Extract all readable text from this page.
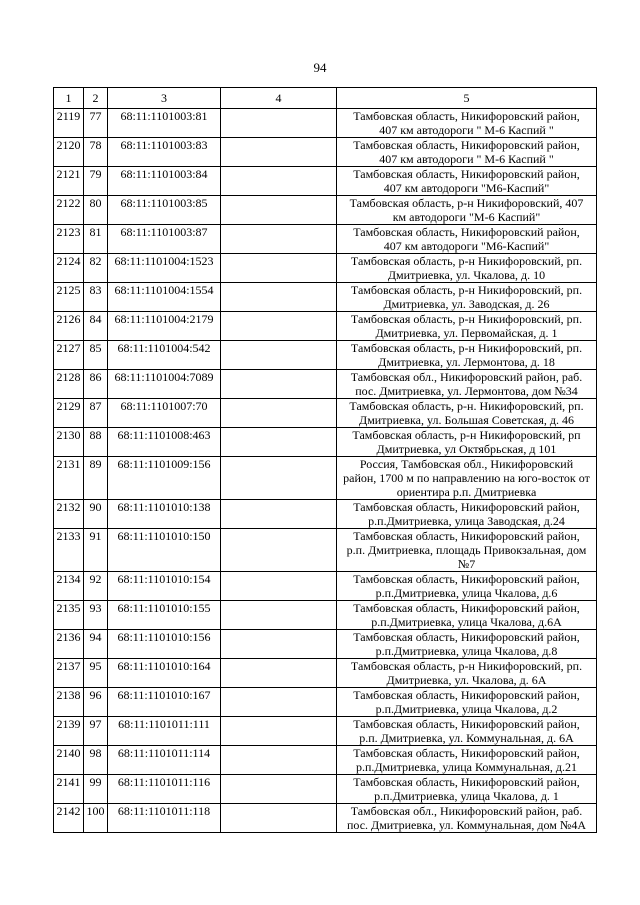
94
1	2	3	4	5
2119	77	68:11:1101003:81		Тамбовская область, Никифоровский район,
407 км автодороги " М-6 Каспий "
2120	78	68:11:1101003:83		Тамбовская область, Никифоровский район,
407 км автодороги " М-6 Каспий "
2121	79	68:11:1101003:84		Тамбовская область, Никифоровский район,
407 км автодороги "М6-Каспий"
2122	80	68:11:1101003:85		Тамбовская область, р-н Никифоровский, 407
км автодороги "М-6 Каспий"
2123	81	68:11:1101003:87		Тамбовская область, Никифоровский район,
407 км автодороги "М6-Каспий"
2124	82	68:11:1101004:1523		Тамбовская область, р-н Никифоровский, рп.
Дмитриевка, ул. Чкалова, д. 10
2125	83	68:11:1101004:1554		Тамбовская область, р-н Никифоровский, рп.
Дмитриевка, ул. Заводская, д. 26
2126	84	68:11:1101004:2179		Тамбовская область, р-н Никифоровский, рп.
Дмитриевка, ул. Первомайская, д. 1
2127	85	68:11:1101004:542		Тамбовская область, р-н Никифоровский, рп.
Дмитриевка, ул. Лермонтова, д. 18
2128	86	68:11:1101004:7089		Тамбовская обл., Никифоровский район, раб.
пос. Дмитриевка, ул. Лермонтова, дом №34
2129	87	68:11:1101007:70		Тамбовская область, р-н. Никифоровский, рп.
Дмитриевка, ул. Большая Советская, д. 46
2130	88	68:11:1101008:463		Тамбовская область, р-н Никифоровский, рп
Дмитриевка, ул Октябрьская, д 101
2131	89	68:11:1101009:156		Россия, Тамбовская обл., Никифоровский
район, 1700 м по направлению на юго-восток от
ориентира р.п. Дмитриевка
2132	90	68:11:1101010:138		Тамбовская область, Никифоровский район,
р.п.Дмитриевка, улица Заводская, д.24
2133	91	68:11:1101010:150		Тамбовская область, Никифоровский район,
р.п. Дмитриевка, площадь Привокзальная, дом
№7
2134	92	68:11:1101010:154		Тамбовская область, Никифоровский район,
р.п.Дмитриевка, улица Чкалова, д.6
2135	93	68:11:1101010:155		Тамбовская область, Никифоровский район,
р.п.Дмитриевка, улица Чкалова, д.6А
2136	94	68:11:1101010:156		Тамбовская область, Никифоровский район,
р.п.Дмитриевка, улица Чкалова, д.8
2137	95	68:11:1101010:164		Тамбовская область, р-н Никифоровский, рп.
Дмитриевка, ул. Чкалова, д. 6А
2138	96	68:11:1101010:167		Тамбовская область, Никифоровский район,
р.п.Дмитриевка, улица Чкалова, д.2
2139	97	68:11:1101011:111		Тамбовская область, Никифоровский район,
р.п. Дмитриевка, ул. Коммунальная, д. 6А
2140	98	68:11:1101011:114		Тамбовская область, Никифоровский район,
р.п.Дмитриевка, улица Коммунальная, д.21
2141	99	68:11:1101011:116		Тамбовская область, Никифоровский район,
р.п.Дмитриевка, улица Чкалова, д. 1
2142	100	68:11:1101011:118		Тамбовская обл., Никифоровский район, раб.
пос. Дмитриевка, ул. Коммунальная, дом №4А
